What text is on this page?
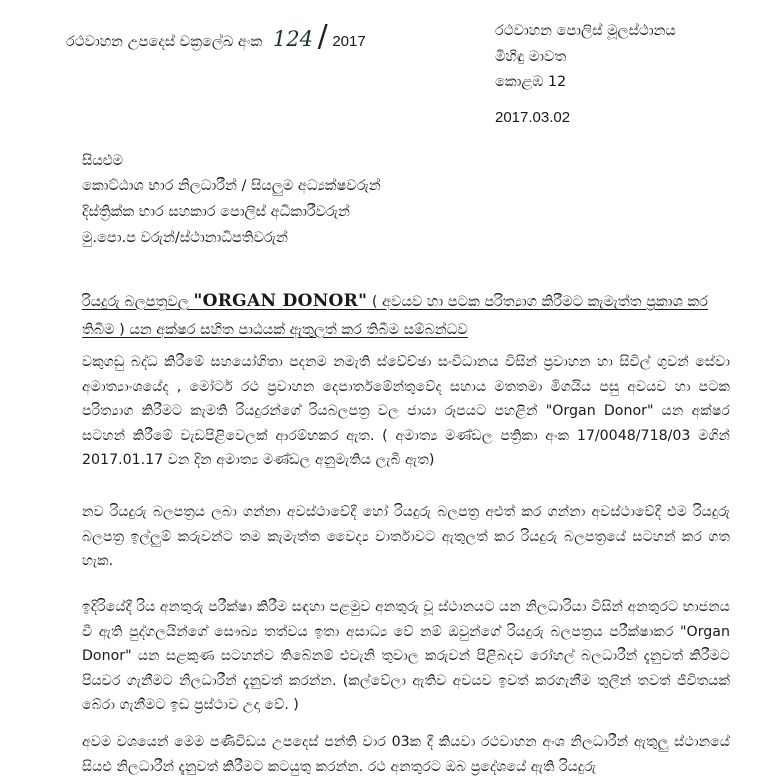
රථවාහන උපදෙස් චක්‍රලේඛ අංක 124 / 2017
රථවාහන පොලිස් මූලස්ථානය
මිහිඳු මාවත
කොළඹ 12
2017.03.02
සියළුම
කොට්ඨාශ භාර නිලධාරීන් / සියලුම අධ්‍යක්ෂවරුන්
දිස්ත්‍රික්ක භාර සහකාර පොලිස් අධිකාරීවරුන්
මු.පො.ප වරුන්/ස්ථානාධිපතිවරුන්
රියදුරු බලපත්‍රවල "ORGAN DONOR" ( අවයව හා පටක පරිත්‍යාග කිරීමට කැමැත්ත ප්‍රකාශ කර තිබීම ) යන අක්ෂර සහිත පාඨයක් ඇතුලත් කර තිබීම සම්බන්ධව
වකුගඩු බද්ධ කිරීමේ සහයෝගිතා පදනම නමැති ස්වේච්ඡා සංවිධානය විසින් ප්‍රවාහන හා සිවිල් ගුවන් සේවා අමාත්‍යාංශයේද , මෝටර් රථ ප්‍රවාහන දෙපාර්තමේන්තුවේද සහාය මතතමා මිගයිය පසු අවයව හා පටක පරිත්‍යාග කිරීමට කැමති රියදුරන්ගේ රියබලපත්‍ර වල ජායා රූපයට පහළින් "Organ Donor" යන අක්ෂර සටහන් කිරීමේ වැඩපිළිවෙලක් ආරම්භකර ඇත. ( අමාත්‍ය මණ්ඩල පත්‍රිකා අංක 17/0048/718/03 මගින් 2017.01.17 වන දින අමාත්‍ය මණ්ඩල අනුමැතිය ලැබී ඇත)
නව රියදුරු බලපත්‍රය ලබා ගන්නා අවස්ථාවේදී හෝ රියදුරු බලපත්‍ර අළුත් කර ගන්නා අවස්ථාවේදී එම රියදුරු බලපත්‍ර ඉල්ලුම් කරුවන්ට තම කැමැත්ත වෛද්‍ය වාර්තාවට ඇතුලත් කර රියදුරු බලපත්‍රයේ සටහන් කර ගත හැක.
ඉදිරියේදී රිය අනතුරු පරීක්ෂා කිරීම සඳහා පළමුව අනතුරු වූ ස්ථානයට යන නිලධාරියා විසින් අනතුරට භාජනය වී ඇති පුද්ගලයින්ගේ සෞඛ්‍ය තත්වය ඉතා අසාධ්‍ය වේ නම් ඔවුන්ගේ රියදුරු බලපත්‍රය පරීක්ෂාකර "Organ Donor" යන සළකුණ සටහන්ව තිබේනම් එවැනි තුවාල කරුවන් පිළිබදව රෝහල් බලධාරීන් දැනුවත් කිරීමට පියවර ගැනීමට නිලධාරීන් දැනුවත් කරන්න. (කල්වේලා ඇතිව අවයව ඉවත් කරගැනීම තුලින් තවත් ජීවිතයක් බේරා ගැනීමට ඉඩ ප්‍රස්ථාව උදා වේ. )
අවම වශයෙන් මෙම පණිවිඩය උපදෙස් පන්ති වාර 03ක දී කියවා රථවාහන අංශ නිලධාරීන් ඇතුලු ස්ථානයේ සියළු නිලධාරීන් දැනුවත් කිරීමට කටයුතු කරන්න. රථ අනතුරට ඔබ ප්‍රදේශයේ ඇති රියදුරු
